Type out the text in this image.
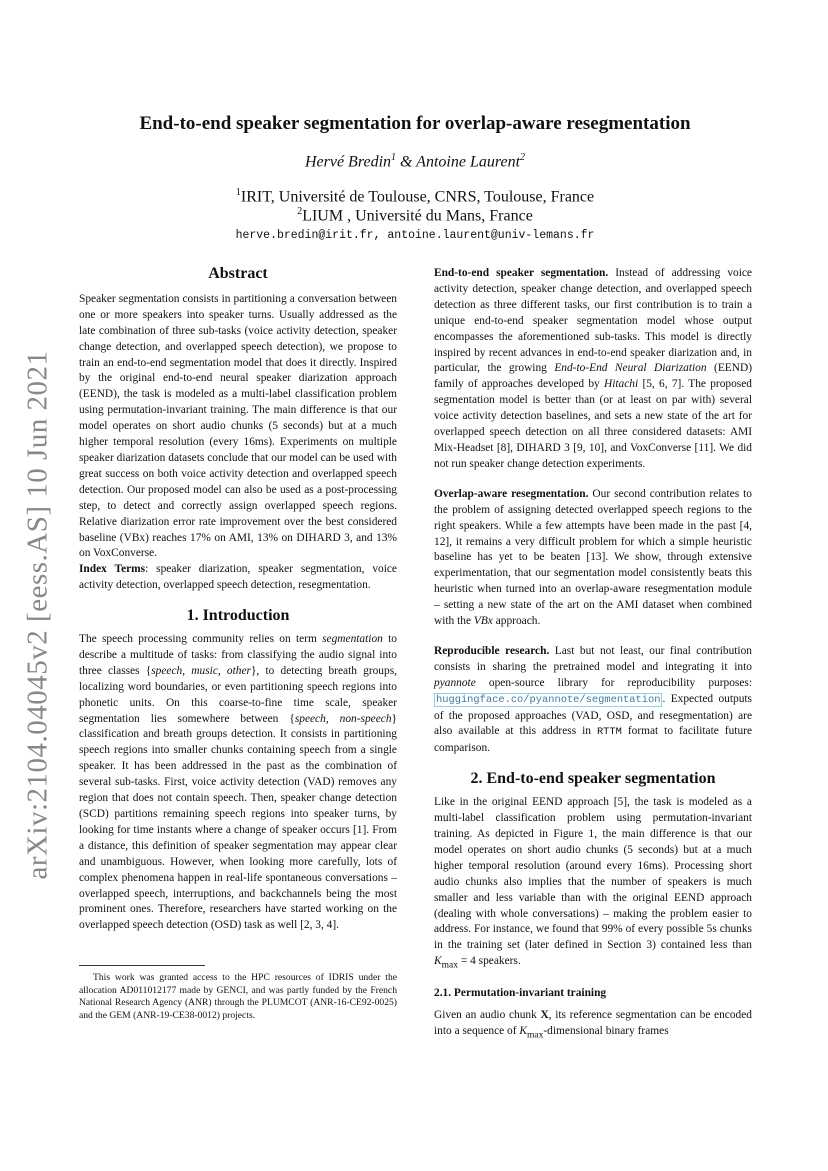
arXiv:2104.04045v2 [eess.AS] 10 Jun 2021
End-to-end speaker segmentation for overlap-aware resegmentation
Hervé Bredin$^1$ & Antoine Laurent$^2$
$^1$IRIT, Université de Toulouse, CNRS, Toulouse, France
$^2$LIUM , Université du Mans, France
herve.bredin@irit.fr, antoine.laurent@univ-lemans.fr
Abstract

Speaker segmentation consists in partitioning a conversation between one or more speakers into speaker turns. Usually addressed as the late combination of three sub-tasks (voice activity detection, speaker change detection, and overlapped speech detection), we propose to train an end-to-end segmentation model that does it directly. Inspired by the original end-to-end neural speaker diarization approach (EEND), the task is modeled as a multi-label classification problem using permutation-invariant training. The main difference is that our model operates on short audio chunks (5 seconds) but at a much higher temporal resolution (every 16ms). Experiments on multiple speaker diarization datasets conclude that our model can be used with great success on both voice activity detection and overlapped speech detection. Our proposed model can also be used as a post-processing step, to detect and correctly assign overlapped speech regions. Relative diarization error rate improvement over the best considered baseline (VBx) reaches 17% on AMI, 13% on DIHARD 3, and 13% on VoxConverse.

Index Terms: speaker diarization, speaker segmentation, voice activity detection, overlapped speech detection, resegmentation.

1. Introduction

The speech processing community relies on term segmentation to describe a multitude of tasks: from classifying the audio signal into three classes {speech, music, other}, to detecting breath groups, localizing word boundaries, or even partitioning speech regions into phonetic units. On this coarse-to-fine time scale, speaker segmentation lies somewhere between {speech, non-speech} classification and breath groups detection. It consists in partitioning speech regions into smaller chunks containing speech from a single speaker. It has been addressed in the past as the combination of several sub-tasks. First, voice activity detection (VAD) removes any region that does not contain speech. Then, speaker change detection (SCD) partitions remaining speech regions into speaker turns, by looking for time instants where a change of speaker occurs [1]. From a distance, this definition of speaker segmentation may appear clear and unambiguous. However, when looking more carefully, lots of complex phenomena happen in real-life spontaneous conversations – overlapped speech, interruptions, and backchannels being the most prominent ones. Therefore, researchers have started working on the overlapped speech detection (OSD) task as well [2, 3, 4].

This work was granted access to the HPC resources of IDRIS under the allocation AD011012177 made by GENCI, and was partly funded by the French National Research Agency (ANR) through the PLUMCOT (ANR-16-CE92-0025) and the GEM (ANR-19-CE38-0012) projects.

End-to-end speaker segmentation. Instead of addressing voice activity detection, speaker change detection, and overlapped speech detection as three different tasks, our first contribution is to train a unique end-to-end speaker segmentation model whose output encompasses the aforementioned sub-tasks. This model is directly inspired by recent advances in end-to-end speaker diarization and, in particular, the growing End-to-End Neural Diarization (EEND) family of approaches developed by Hitachi [5, 6, 7]. The proposed segmentation model is better than (or at least on par with) several voice activity detection baselines, and sets a new state of the art for overlapped speech detection on all three considered datasets: AMI Mix-Headset [8], DIHARD 3 [9, 10], and VoxConverse [11]. We did not run speaker change detection experiments.

Overlap-aware resegmentation. Our second contribution relates to the problem of assigning detected overlapped speech regions to the right speakers. While a few attempts have been made in the past [4, 12], it remains a very difficult problem for which a simple heuristic baseline has yet to be beaten [13]. We show, through extensive experimentation, that our segmentation model consistently beats this heuristic when turned into an overlap-aware resegmentation module – setting a new state of the art on the AMI dataset when combined with the VBx approach.

Reproducible research. Last but not least, our final contribution consists in sharing the pretrained model and integrating it into pyannote open-source library for reproducibility purposes: huggingface.co/pyannote/segmentation . Expected outputs of the proposed approaches (VAD, OSD, and resegmentation) are also available at this address in RTTM format to facilitate future comparison.

2. End-to-end speaker segmentation

Like in the original EEND approach [5], the task is modeled as a multi-label classification problem using permutation-invariant training. As depicted in Figure 1, the main difference is that our model operates on short audio chunks (5 seconds) but at a much higher temporal resolution (around every 16ms). Processing short audio chunks also implies that the number of speakers is much smaller and less variable than with the original EEND approach (dealing with whole conversations) – making the problem easier to address. For instance, we found that 99% of every possible 5s chunks in the training set (later defined in Section 3) contained less than $K_{max} = 4$ speakers.

2.1. Permutation-invariant training

Given an audio chunk X, its reference segmentation can be encoded into a sequence of $K_{max}$-dimensional binary frames
